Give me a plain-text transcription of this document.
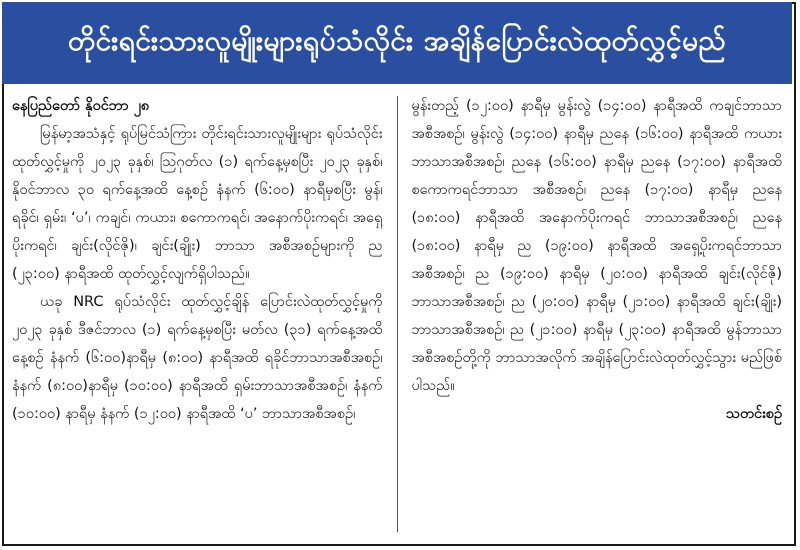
တိုင်းရင်းသားလူမျိုးများရုပ်သံလိုင်း အချိန်ပြောင်းလဲထုတ်လွှင့်မည်

နေပြည်တော် နိုဝင်ဘာ ၂၈

မြန်မာ့အသံနှင့် ရုပ်မြင်သံကြား တိုင်းရင်းသားလူမျိုးများ ရုပ်သံလိုင်း ထုတ်လွှင့်မှုကို ၂၀၂၃ ခုနှစ်၊ ဩဂုတ်လ (၁) ရက်နေ့မှစပြီး ၂၀၂၃ ခုနှစ်၊ နိုဝင်ဘာလ ၃၀ ရက်နေ့အထိ နေ့စဉ် နံနက် (၆:၀၀) နာရီမှစပြီး မွန်၊ ရခိုင်၊ ရှမ်း၊ ‘ပ’၊ ကချင်၊ ကယား၊ စကောကရင်၊ အနောက်ပိုးကရင်၊ အရှေ့ပိုးကရင်၊ ချင်း(လိုင်ဇို)၊ ချင်း(ချိုး) ဘာသာ အစီအစဉ်များကို ည (၂၃:၀၀) နာရီအထိ ထုတ်လွှင့်လျက်ရှိပါသည်။

ယခု NRC ရုပ်သံလိုင်း ထုတ်လွှင့်ချိန် ပြောင်းလဲထုတ်လွှင့်မှုကို ၂၀၂၃ ခုနှစ် ဒီဇင်ဘာလ (၁) ရက်နေ့မှစပြီး မတ်လ (၃၁) ရက်နေ့အထိ နေ့စဉ် နံနက် (၆:၀၀)နာရီမှ (၈:၀၀) နာရီအထိ ရခိုင်ဘာသာအစီအစဉ်၊ နံနက် (၈:၀၀)နာရီမှ (၁၀:၀၀) နာရီအထိ ရှမ်းဘာသာအစီအစဉ်၊ နံနက် (၁၀:၀၀) နာရီမှ နံနက် (၁၂:၀၀) နာရီအထိ ‘ပ’ ဘာသာအစီအစဉ်၊

မွန်းတည့် (၁၂:၀၀) နာရီမှ မွန်းလွဲ (၁၄:၀၀) နာရီအထိ ကချင်ဘာသာ အစီအစဉ်၊ မွန်းလွဲ (၁၄:၀၀) နာရီမှ ညနေ (၁၆:၀၀) နာရီအထိ ကယားဘာသာအစီအစဉ်၊ ညနေ (၁၆:၀၀) နာရီမှ ညနေ (၁၇:၀၀) နာရီအထိ စကောကရင်ဘာသာ အစီအစဉ်၊ ညနေ (၁၇:၀၀) နာရီမှ ညနေ (၁၈:၀၀) နာရီအထိ အနောက်ပိုးကရင် ဘာသာအစီအစဉ်၊ ညနေ (၁၈:၀၀) နာရီမှ ည (၁၉:၀၀) နာရီအထိ အရှေ့ပိုးကရင်ဘာသာ အစီအစဉ်၊ ည (၁၉:၀၀) နာရီမှ (၂၀:၀၀) နာရီအထိ ချင်း(လိုင်ဇို) ဘာသာအစီအစဉ်၊ ည (၂၀:၀၀) နာရီမှ (၂၁:၀၀) နာရီအထိ ချင်း(ချိုး) ဘာသာအစီအစဉ်၊ ည (၂၁:၀၀) နာရီမှ (၂၃:၀၀) နာရီအထိ မွန်ဘာသာ အစီအစဉ်တို့ကို ဘာသာအလိုက် အချိန်ပြောင်းလဲထုတ်လွှင့်သွား မည်ဖြစ်ပါသည်။

သတင်းစဉ်
